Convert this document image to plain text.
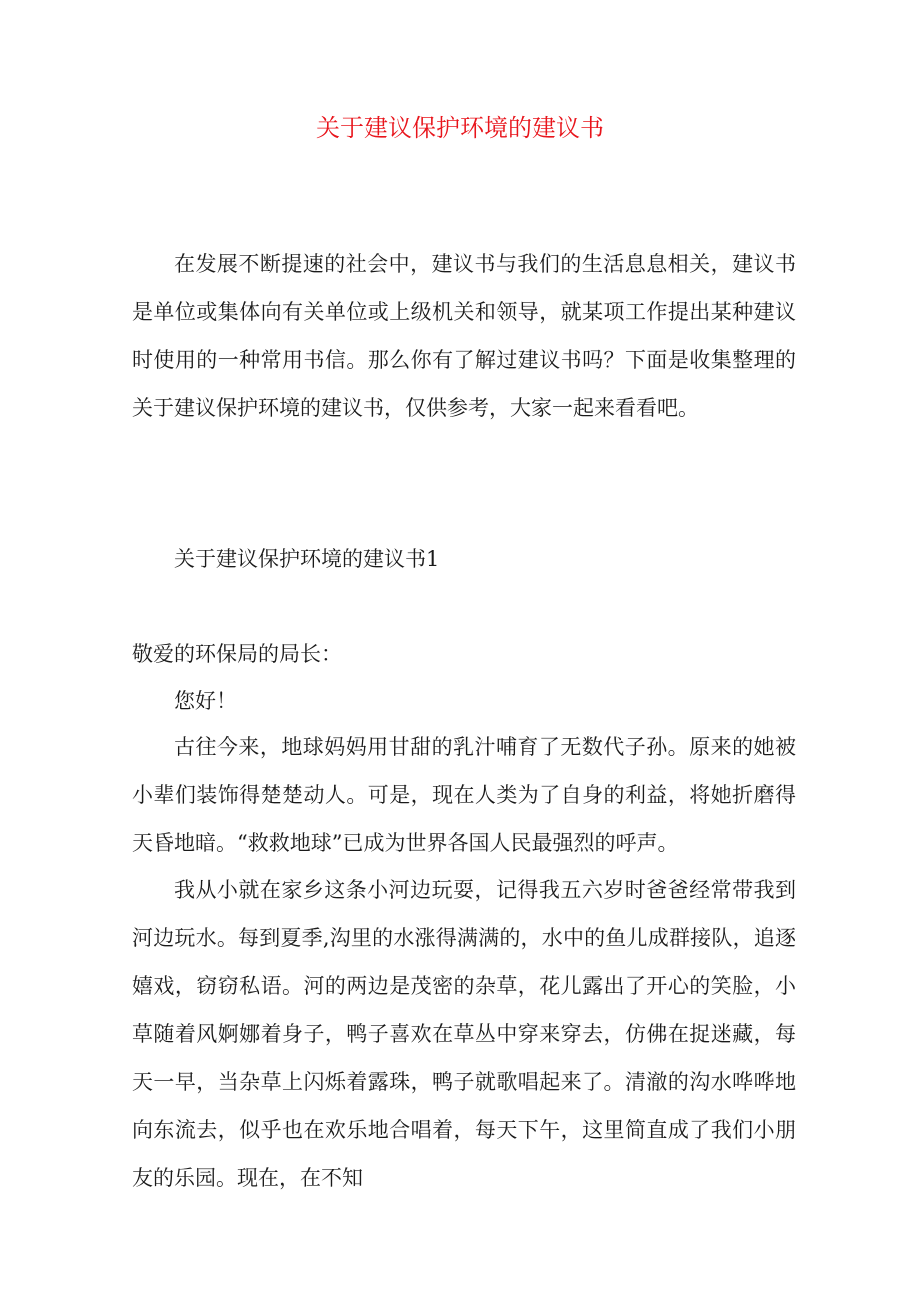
关于建议保护环境的建议书

在发展不断提速的社会中，建议书与我们的生活息息相关，建议书是单位或集体向有关单位或上级机关和领导，就某项工作提出某种建议时使用的一种常用书信。那么你有了解过建议书吗？下面是收集整理的关于建议保护环境的建议书，仅供参考，大家一起来看看吧。

关于建议保护环境的建议书1

敬爱的环保局的局长：

您好！

古往今来，地球妈妈用甘甜的乳汁哺育了无数代子孙。原来的她被小辈们装饰得楚楚动人。可是，现在人类为了自身的利益，将她折磨得天昏地暗。“救救地球”已成为世界各国人民最强烈的呼声。

我从小就在家乡这条小河边玩耍，记得我五六岁时爸爸经常带我到河边玩水。每到夏季,沟里的水涨得满满的，水中的鱼儿成群接队，追逐嬉戏，窃窃私语。河的两边是茂密的杂草，花儿露出了开心的笑脸，小草随着风婀娜着身子，鸭子喜欢在草丛中穿来穿去，仿佛在捉迷藏，每天一早，当杂草上闪烁着露珠，鸭子就歌唱起来了。清澈的沟水哗哗地向东流去，似乎也在欢乐地合唱着，每天下午，这里简直成了我们小朋友的乐园。现在，在不知
